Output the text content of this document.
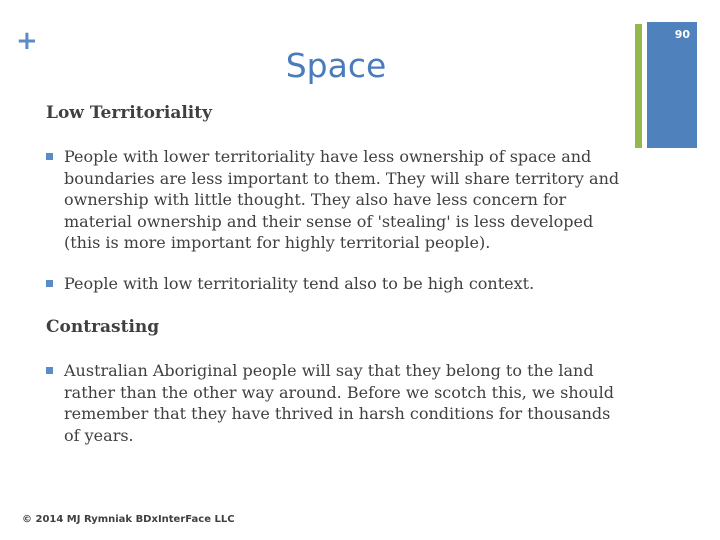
+	90
Space
Low Territoriality
People with lower territoriality have less ownership of space and boundaries are less important to them. They will share territory and ownership with little thought. They also have less concern for material ownership and their sense of 'stealing' is less developed (this is more important for highly territorial people).
People with low territoriality tend also to be high context.
Contrasting
Australian Aboriginal people will say that they belong to the land rather than the other way around. Before we scotch this, we should remember that they have thrived in harsh conditions for thousands of years.
© 2014 MJ Rymniak BDxInterFace LLC
